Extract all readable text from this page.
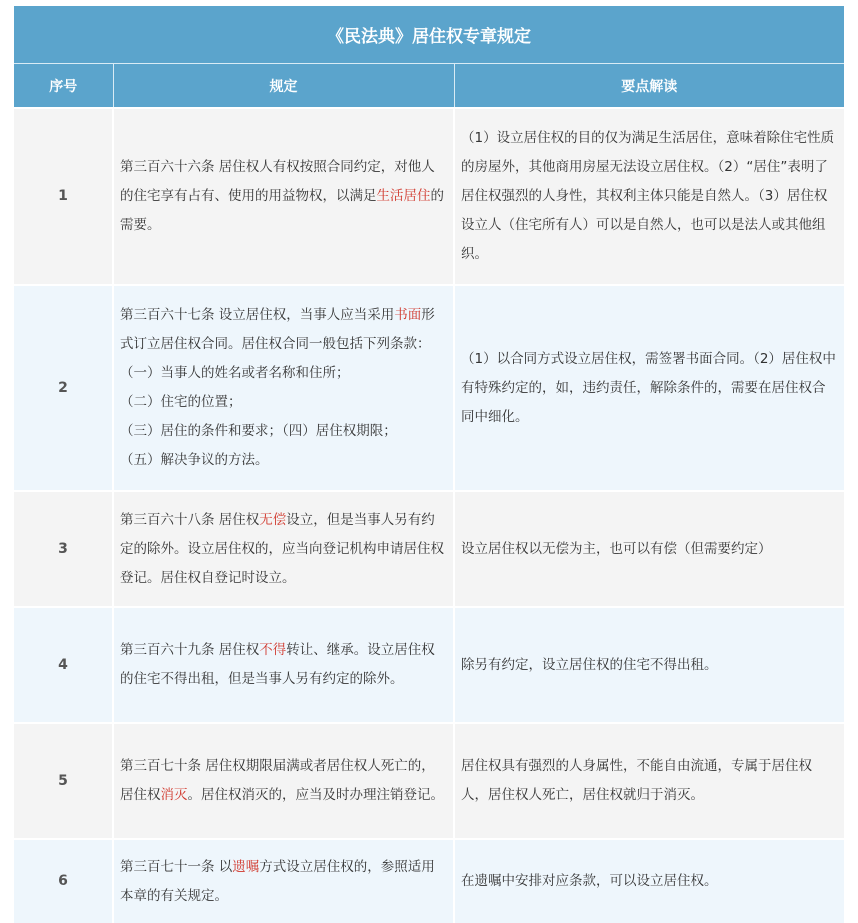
《民法典》居住权专章规定		
序号	规定	要点解读
1	第三百六十六条 居住权人有权按照合同约定，对他人的住宅享有占有、使用的用益物权，以满足生活居住的需要。	（1）设立居住权的目的仅为满足生活居住，意味着除住宅性质的房屋外，其他商用房屋无法设立居住权。（2）“居住”表明了居住权强烈的人身性，其权利主体只能是自然人。（3）居住权设立人（住宅所有人）可以是自然人，也可以是法人或其他组织。
2	第三百六十七条 设立居住权，当事人应当采用书面形式订立居住权合同。居住权合同一般包括下列条款：（一）当事人的姓名或者名称和住所；
（二）住宅的位置；
（三）居住的条件和要求；（四）居住权期限；
（五）解决争议的方法。	（1）以合同方式设立居住权，需签署书面合同。（2）居住权中有特殊约定的，如，违约责任，解除条件的，需要在居住权合同中细化。
3	第三百六十八条 居住权无偿设立，但是当事人另有约定的除外。设立居住权的，应当向登记机构申请居住权登记。居住权自登记时设立。	设立居住权以无偿为主，也可以有偿（但需要约定）
4	第三百六十九条 居住权不得转让、继承。设立居住权的住宅不得出租，但是当事人另有约定的除外。	除另有约定，设立居住权的住宅不得出租。
5	第三百七十条 居住权期限届满或者居住权人死亡的，居住权消灭。居住权消灭的，应当及时办理注销登记。	居住权具有强烈的人身属性，不能自由流通，专属于居住权人，居住权人死亡，居住权就归于消灭。
6	第三百七十一条 以遗嘱方式设立居住权的，参照适用本章的有关规定。	在遗嘱中安排对应条款，可以设立居住权。
